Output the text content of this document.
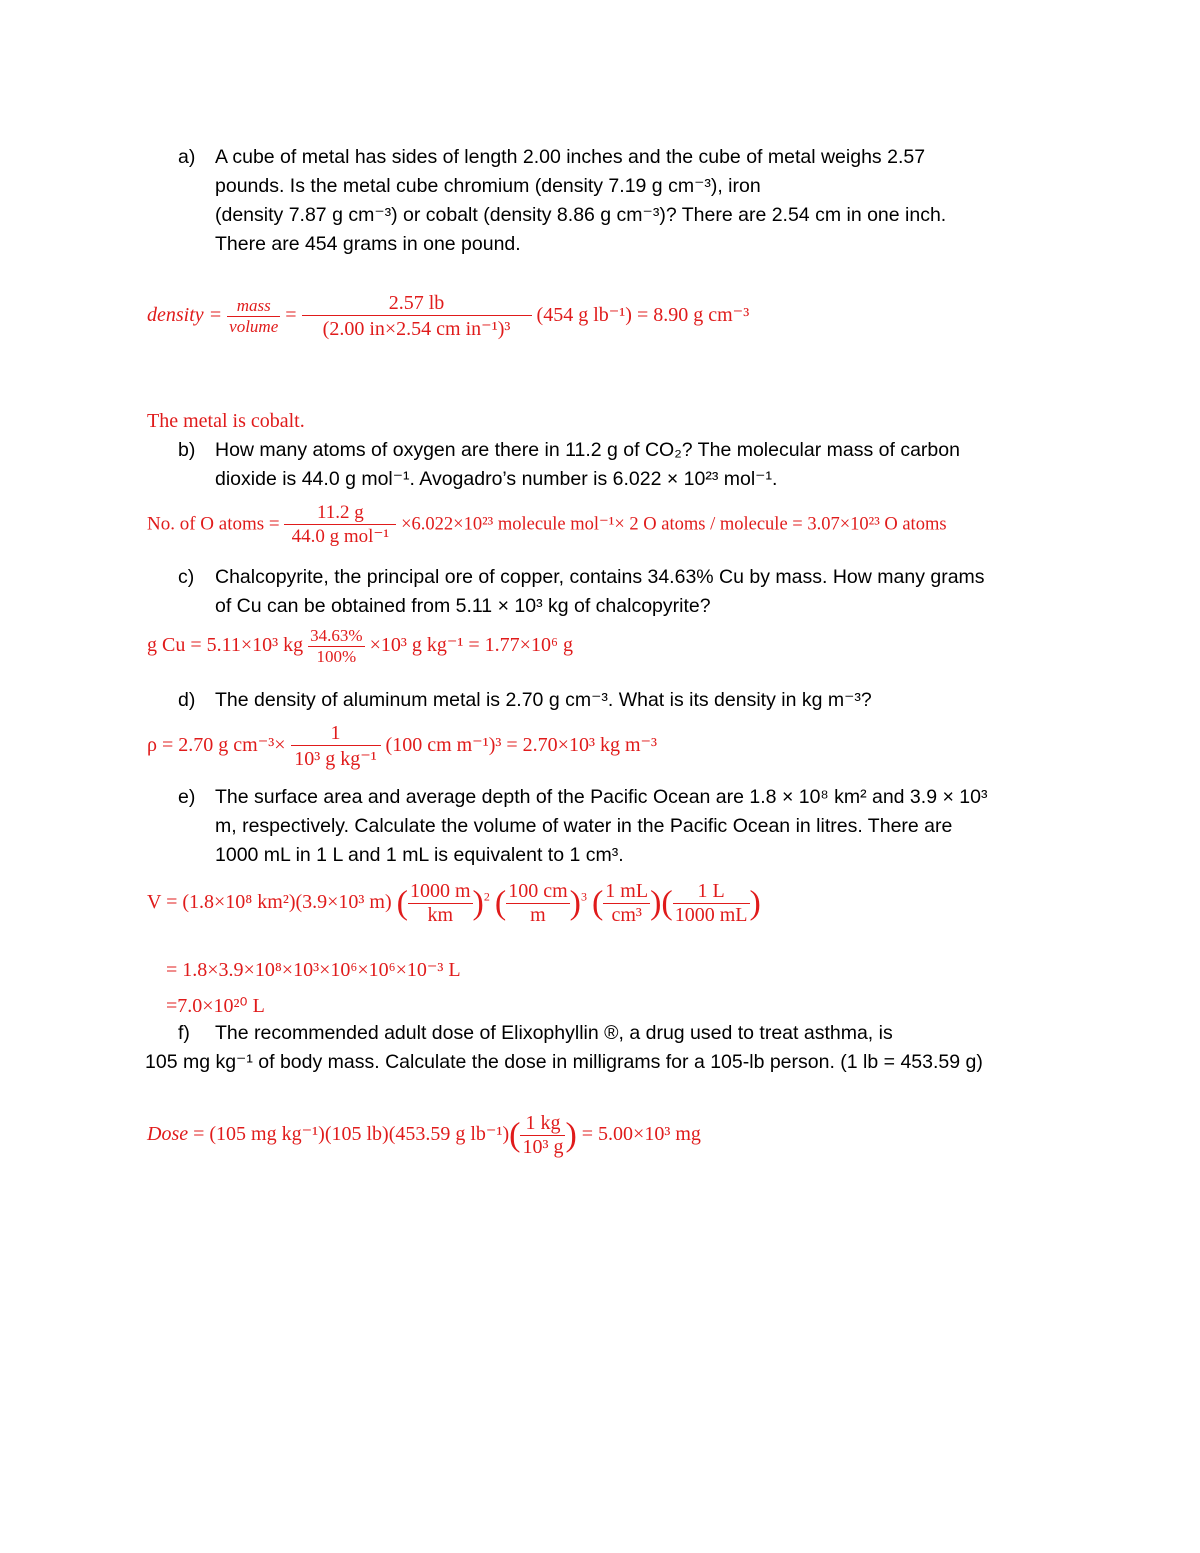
a) A cube of metal has sides of length 2.00 inches and the cube of metal weighs 2.57
pounds. Is the metal cube chromium (density 7.19 g cm⁻³), iron
(density 7.87 g cm⁻³) or cobalt (density 8.86 g cm⁻³)? There are 2.54 cm in one inch.
There are 454 grams in one pound.
density = $\frac{\text{mass}}{\text{volume}} = \frac{2.57 lb}{\text{(2.00 in×2.54 cm in⁻¹)³}} (454$ g lb⁻¹) = 8.90 g cm⁻³
The metal is cobalt.
b) How many atoms of oxygen are there in 11.2 g of CO₂? The molecular mass of carbon
dioxide is 44.0 g mol⁻¹. Avogadro’s number is 6.022 × 10²³ mol⁻¹.
No. of O atoms = $\frac{11.2 g}{\text{44.0 g mol⁻¹}} \times 6.022\times 10^{23}$ molecule mol⁻¹× 2 O atoms / molecule = 3.07×10²³ O atoms
c) Chalcopyrite, the principal ore of copper, contains 34.63% Cu by mass. How many grams
of Cu can be obtained from 5.11 × 10³ kg of chalcopyrite?
g Cu = 5.11×10³ kg $\frac{34.63\%}{100\%} \times 10^3$ g kg⁻¹ = 1.77×10⁶ g
d) The density of aluminum metal is 2.70 g cm⁻³. What is its density in kg m⁻³?
ρ = 2.70 g $cm^{-3}\times \frac{1}{\text{10³ g kg⁻¹}} (100$ cm m⁻¹)³ = 2.70×10³ kg m⁻³
e) The surface area and average depth of the Pacific Ocean are 1.8 × 10⁸ km² and 3.9 × 10³
m, respectively. Calculate the volume of water in the Pacific Ocean in litres. There are
1000 mL in 1 L and 1 mL is equivalent to 1 cm³.
V = (1.8×10⁸ km²)(3.9×10³ m) ( $\frac{1000 m}{km} )^2$ ( $\frac{100 cm}{m} )^3$ ( $\frac{1 mL}{\text{cm³}}$ )( $\frac{1 L}{1000 mL}$ )
= 1.8×3.9×10⁸×10³×10⁶×10⁶×10⁻³ L
=7.0×10²⁰ L
f) The recommended adult dose of Elixophyllin ®, a drug used to treat asthma, is
105 mg kg⁻¹ of body mass. Calculate the dose in milligrams for a 105-lb person. (1 lb = 453.59 g)
Dose = (105 mg kg⁻¹)(105 lb)(453.59 g $lb^{-1})( \frac{1 kg}{\text{10³ g}}$ ) = 5.00×10³ mg
